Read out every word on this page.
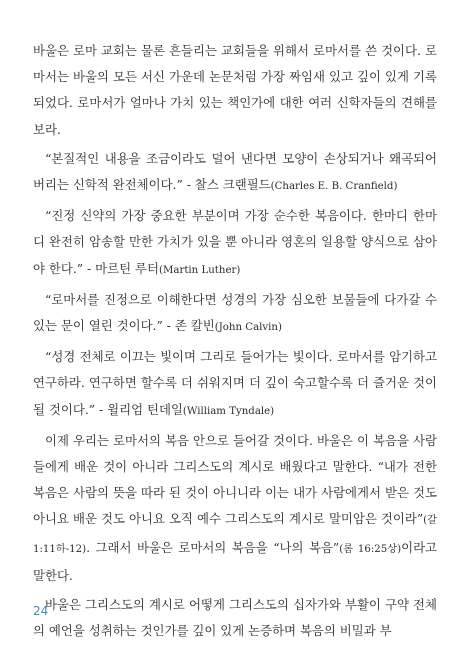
바울은 로마 교회는 물론 흔들리는 교회들을 위해서 로마서를 쓴 것이다. 로마서는 바울의 모든 서신 가운데 논문처럼 가장 짜임새 있고 깊이 있게 기록되었다. 로마서가 얼마나 가치 있는 책인가에 대한 여러 신학자들의 견해를 보라.

“본질적인 내용을 조금이라도 덜어 낸다면 모양이 손상되거나 왜곡되어 버리는 신학적 완전체이다.” - 찰스 크랜필드(Charles E. B. Cranfield)

“진정 신약의 가장 중요한 부분이며 가장 순수한 복음이다. 한마디 한마디 완전히 암송할 만한 가치가 있을 뿐 아니라 영혼의 일용할 양식으로 삼아야 한다.” - 마르틴 루터(Martin Luther)

“로마서를 진정으로 이해한다면 성경의 가장 심오한 보물들에 다가갈 수 있는 문이 열린 것이다.” - 존 칼빈(John Calvin)

“성경 전체로 이끄는 빛이며 그리로 들어가는 빛이다. 로마서를 암기하고 연구하라. 연구하면 할수록 더 쉬워지며 더 깊이 숙고할수록 더 즐거운 것이 될 것이다.” - 윌리엄 틴데일(William Tyndale)

이제 우리는 로마서의 복음 안으로 들어갈 것이다. 바울은 이 복음을 사람들에게 배운 것이 아니라 그리스도의 계시로 배웠다고 말한다. “내가 전한 복음은 사람의 뜻을 따라 된 것이 아니니라 이는 내가 사람에게서 받은 것도 아니요 배운 것도 아니요 오직 예수 그리스도의 계시로 말미암은 것이라”(갈 1:11하-12). 그래서 바울은 로마서의 복음을 “나의 복음”(롬 16:25상)이라고 말한다.

바울은 그리스도의 계시로 어떻게 그리스도의 십자가와 부활이 구약 전체의 예언을 성취하는 것인가를 깊이 있게 논증하며 복음의 비밀과 부

24
